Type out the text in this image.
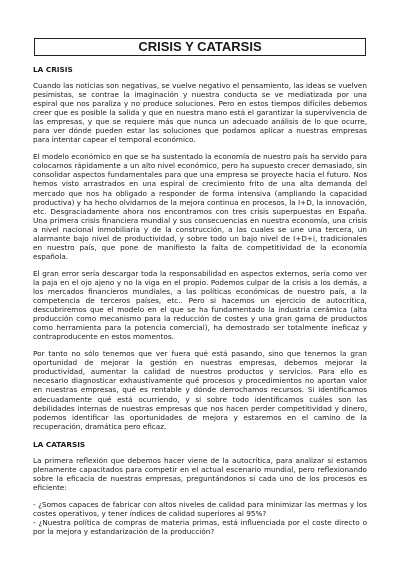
CRISIS Y CATARSIS
LA CRISIS

Cuando las noticias son negativas, se vuelve negativo el pensamiento, las ideas se vuelven pesimistas, se contrae la imaginación y nuestra conducta se ve mediatizada por una espiral que nos paraliza y no produce soluciones. Pero en estos tiempos difíciles debemos creer que es posible la salida y que en nuestra mano está el garantizar la supervivencia de las empresas, y que se requiere más que nunca un adecuado análisis de lo que ocurre, para ver dónde pueden estar las soluciones que podamos aplicar a nuestras empresas para intentar capear el temporal económico.

El modelo económico en que se ha sustentado la economía de nuestro país ha servido para colocarnos rápidamente a un alto nivel económico, pero ha supuesto crecer demasiado, sin consolidar aspectos fundamentales para que una empresa se proyecte hacia el futuro. Nos hemos visto arrastrados en una espiral de crecimiento frito de una alta demanda del mercado que nos ha obligado a responder de forma intensiva (ampliando la capacidad productiva) y ha hecho olvidarnos de la mejora continua en procesos, la I+D, la innovación, etc. Desgraciadamente ahora nos encontramos con tres crisis superpuestas en España. Una primera crisis financiera mundial y sus consecuencias en nuestra economía, una crisis a nivel nacional inmobiliaria y de la construcción, a las cuales se une una tercera, un alarmante bajo nivel de productividad, y sobre todo un bajo nivel de I+D+i, tradicionales en nuestro país, que pone de manifiesto la falta de competitividad de la economía española.

El gran error sería descargar toda la responsabilidad en aspectos externos, sería como ver la paja en el ojo ajeno y no la viga en el propio. Podemos culpar de la crisis a los demás, a los mercados financieros mundiales, a las políticas económicas de nuestro país, a la competencia de terceros países, etc.. Pero si hacemos un ejercicio de autocrítica, descubriremos que el modelo en el que se ha fundamentado la industria cerámica (alta producción como mecanismo para la reducción de costes y una gran gama de productos como herramienta para la potencia comercial), ha demostrado ser totalmente ineficaz y contraproducente en estos momentos.

Por tanto no sólo tenemos que ver fuera qué está pasando, sino que tenemos la gran oportunidad de mejorar la gestión en nuestras empresas, debemos mejorar la productividad, aumentar la calidad de nuestros productos y servicios. Para ello es necesario diagnosticar exhaustivamente qué procesos y procedimientos no aportan valor en nuestras empresas, qué es rentable y dónde derrochamos recursos. Si identificamos adecuadamente qué está ocurriendo, y si sobre todo identificamos cuáles son las debilidades internas de nuestras empresas que nos hacen perder competitividad y dinero, podemos identificar las oportunidades de mejora y estaremos en el camino de la recuperación, dramática pero eficaz.

LA CATARSIS

La primera reflexión que debemos hacer viene de la autocrítica, para analizar si estamos plenamente capacitados para competir en el actual escenario mundial, pero reflexionando sobre la eficacia de nuestras empresas, preguntándonos si cada uno de los procesos es eficiente:

- ¿Somos capaces de fabricar con altos niveles de calidad para minimizar las mermas y los costes operativos, y tener índices de calidad superiores al 95%?

- ¿Nuestra política de compras de materia primas, está influenciada por el coste directo o por la mejora y estandarización de la producción?
